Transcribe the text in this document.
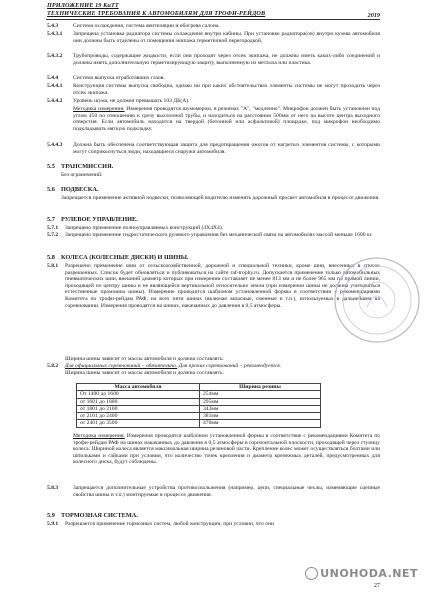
ПРИЛОЖЕНИЕ 19 КиТТ
ТЕХНИЧЕСКИЕ ТРЕБОВАНИЯ К АВТОМОБИЛЯМ ДЛЯ ТРОФИ-РЕЙДОВ	2019
5.4.3	Система охлаждения, система вентиляции и обогрева салона.
5.4.3.1 Запрещена установка радиатора системы охлаждения внутри кабины. При установке радиатора(ов) внутри кузова автомобиля они должны быть отделены от помещения экипажа герметичной перегородкой.
5.4.3.2 Трубопроводы, содержащие жидкости, если они проходят через отсек экипажа, не должны иметь каких-либо соединений и должны иметь дополнительную герметизирующую защиту, выполненную из металла или пластика.
5.4.4	Система выпуска отработавших газов.
5.4.4.1 Конструкция системы выпуска свободна, однако ни при каких обстоятельствах элементы системы не могут проходить через отсек экипажа.
5.4.4.2 Уровень шума, не должен превышать 103 ДБ(А).
Методика измерения: Измерения проводятся шумомером, в режимах "A", "медленно". Микрофон должен быть установлен под углом 450 по отношению к срезу выхлопной трубы, и находиться на расстоянии 500мм от него на высоте центра выходного отверстия. Если автомобиль находится на твердой (бетонной или асфальтовой) площадке, под микрофон необходимо подкладывать мягкую подкладку.
5.4.4.3 Должна быть обеспечена соответствующая защита для предотвращения ожогов от нагретых элементов системы, с которыми могут соприкоснуться люди, находящиеся снаружи автомобиля.
5.5 ТРАНСМИССИЯ.
Без ограничений.
5.6 ПОДВЕСКА.
Запрещается применение активной подвески, позволяющей водителю изменять дорожный просвет автомобиля в процессе движения.
5.7 РУЛЕВОЕ УПРАВЛЕНИЕ.
5.7.1 Запрещено применение полноуправляемых конструкций (4Х4Х4).
5.7.2 Запрещено применение гидростатического рулевого управления без механической связи на автомобилях массой меньше 1600 кг.
5.8 КОЛЕСА (КОЛЕСНЫЕ ДИСКИ) И ШИНЫ.
5.8.1 Разрешено применение шин от сельскохозяйственной, дорожной и специальной техники, кроме шин, внесенных в список разрешенных. Список будет обновляться и публиковаться на сайте raf-trophy.ru. Допускается применение только автомобильных пневматических шин, внешний диаметр которых при измерении составляет не менее 813 мм и не более 965 мм по прямой линии, проходящей по центру шины и не являющейся вертикальной относительно земли (при измерении шины не должны учитываться естественные промоины шины). Измерение проводится шаблоном установленной формы в соответствии с рекомендациями Комитета по трофи-рейдам РАФ, на всех пяти шинах (включая запасные, сменные и т.п.), используемых в дальнейшем на соревновании. Измерения проводятся на шинах, накачанных до давления в 0,5 атмосферы.
Ширина шины зависит от массы автомобиля и должна составлять:
5.8.2 Для официальных соревнований – обязательно. Для прочих соревнований – рекомендуется.
Ширина шины зависит от массы автомобиля и должна составлять:
Масса автомобиля	Ширина резины
От 1400 до 1600	254мм
от 1601 до 1800	295мм
от 1801 до 2100	343мм
от 2101 до 2400	381мм
от 2401 до 3500	470мм
Методика измерения: Измерения проводятся шаблоном установленной формы в соответствие с рекомендациями Комитета по трофи-рейдам РАФ на шинах накачанных до давления в 0,5 атмосферы в горизонтальной плоскости, проходящей через ступицу колеса. Шириной колеса является максимальная ширина резиновой части. Крепление колес может осуществляться болтами или шпильками и гайками при условии, что количество точек крепления и диаметр крепежных деталей, предусмотренных для колесного диска, будут соблюдены.
5.8.3	Запрещается дополнительные устройства противоскольжения (например, цепи, специальные чехлы, изменяющие сцепные свойства шины и т.п.) монтируемые в процессе движения.
5.9 ТОРМОЗНАЯ СИСТЕМА.
5.9.1 Разрешается применение тормозных систем, любой конструкции, при условии, что они
UNOHODA.NET
27
